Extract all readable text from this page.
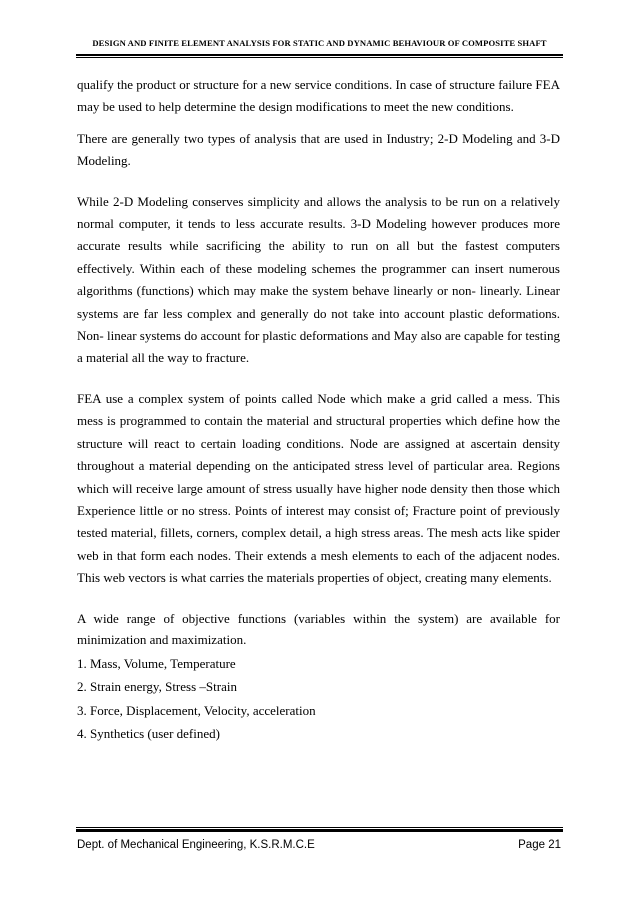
DESIGN AND FINITE ELEMENT ANALYSIS FOR STATIC AND DYNAMIC BEHAVIOUR OF COMPOSITE SHAFT

qualify the product or structure for a new service conditions. In case of structure failure FEA may be used to help determine the design modifications to meet the new conditions.

There are generally two types of analysis that are used in Industry; 2-D Modeling and 3-D Modeling.

While 2-D Modeling conserves simplicity and allows the analysis to be run on a relatively normal computer, it tends to less accurate results. 3-D Modeling however produces more accurate results while sacrificing the ability to run on all but the fastest computers effectively. Within each of these modeling schemes the programmer can insert numerous algorithms (functions) which may make the system behave linearly or non- linearly. Linear systems are far less complex and generally do not take into account plastic deformations. Non- linear systems do account for plastic deformations and May also are capable for testing a material all the way to fracture.

FEA use a complex system of points called Node which make a grid called a mess. This mess is programmed to contain the material and structural properties which define how the structure will react to certain loading conditions. Node are assigned at ascertain density throughout a material depending on the anticipated stress level of particular area. Regions which will receive large amount of stress usually have higher node density then those which Experience little or no stress. Points of interest may consist of; Fracture point of previously tested material, fillets, corners, complex detail, a high stress areas. The mesh acts like spider web in that form each nodes. Their extends a mesh elements to each of the adjacent nodes. This web vectors is what carries the materials properties of object, creating many elements.

A wide range of objective functions (variables within the system) are available for minimization and maximization.

1. Mass, Volume, Temperature
2. Strain energy, Stress –Strain
3. Force, Displacement, Velocity, acceleration
4. Synthetics (user defined)
Dept. of Mechanical Engineering, K.S.R.M.C.E	Page 21
